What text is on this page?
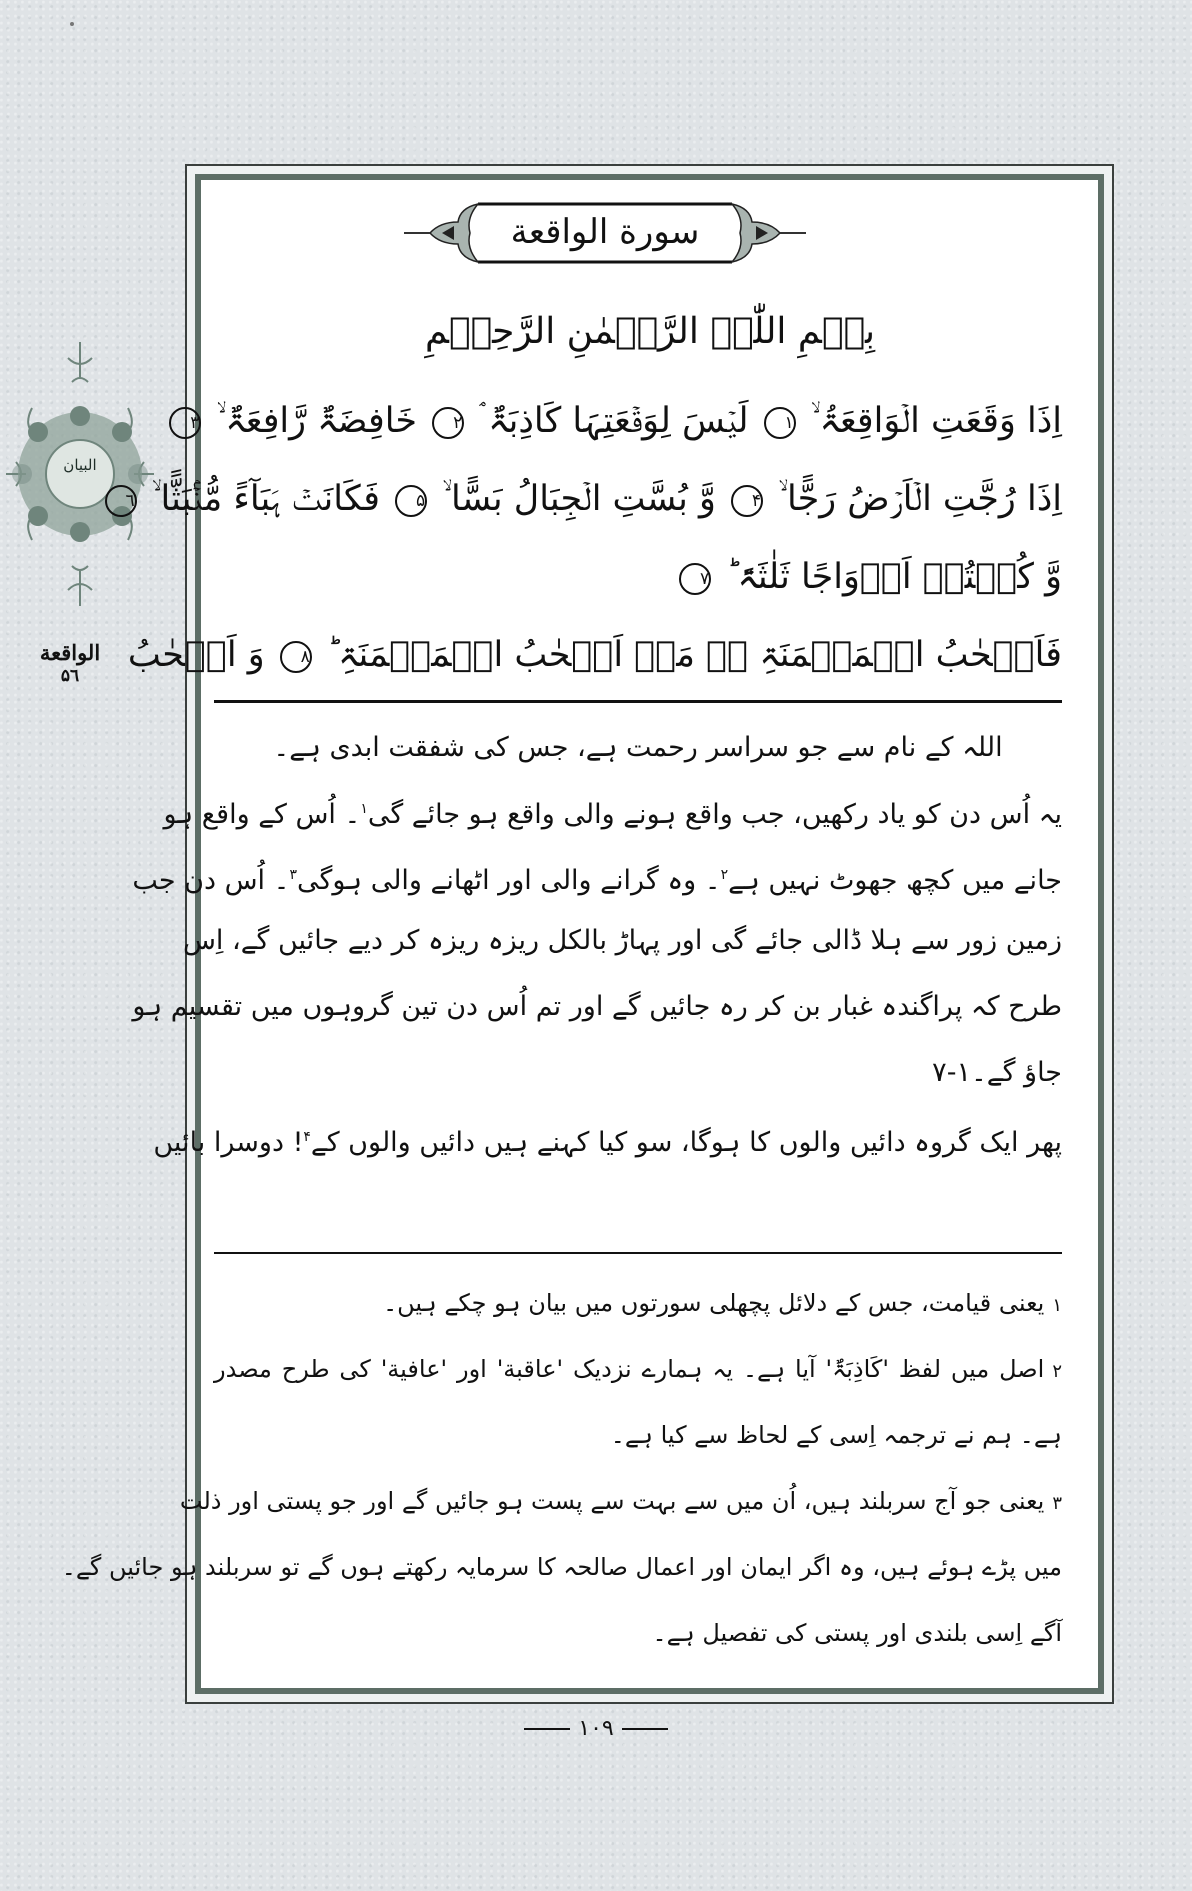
البیان
الواقعة
۵٦
سورة الواقعة
بِسۡمِ اللّٰہِ الرَّحۡمٰنِ الرَّحِیۡمِ
اِذَا وَقَعَتِ الۡوَاقِعَۃُ ۙ ۱ لَیۡسَ لِوَقۡعَتِہَا کَاذِبَۃٌ ۘ ۲ خَافِضَۃٌ رَّافِعَۃٌ ۙ ۳
اِذَا رُجَّتِ الۡاَرۡضُ رَجًّا ۙ ۴ وَّ بُسَّتِ الۡجِبَالُ بَسًّا ۙ ۵ فَکَانَتۡ ہَبَآءً مُّنۡۢبَثًّا ۙ ٦
وَّ کُنۡتُمۡ اَزۡوَاجًا ثَلٰثَۃً ؕ ۷
فَاَصۡحٰبُ الۡمَیۡمَنَۃِ ۬ۙ مَاۤ اَصۡحٰبُ الۡمَیۡمَنَۃِ ؕ ۸ وَ اَصۡحٰبُ
اللہ کے نام سے جو سراسر رحمت ہے، جس کی شفقت ابدی ہے۔
یہ اُس دن کو یاد رکھیں، جب واقع ہونے والی واقع ہو جائے گی$^۱$۔ اُس کے واقع ہو
جانے میں کچھ جھوٹ نہیں ہے$^۲$۔ وہ گرانے والی اور اٹھانے والی ہوگی$^۳$۔ اُس دن جب
زمین زور سے ہلا ڈالی جائے گی اور پہاڑ بالکل ریزہ ریزہ کر دیے جائیں گے، اِس
طرح کہ پراگندہ غبار بن کر رہ جائیں گے اور تم اُس دن تین گروہوں میں تقسیم ہو
جاؤ گے۔۱-۷
پھر ایک گروہ دائیں والوں کا ہوگا، سو کیا کہنے ہیں دائیں والوں کے$^۴$! دوسرا بائیں
۱یعنی قیامت، جس کے دلائل پچھلی سورتوں میں بیان ہو چکے ہیں۔
۲اصل میں لفظ 'کَاذِبَۃٌ' آیا ہے۔ یہ ہمارے نزدیک 'عاقبة' اور 'عافیة' کی طرح مصدر
ہے۔ ہم نے ترجمہ اِسی کے لحاظ سے کیا ہے۔
۳یعنی جو آج سربلند ہیں، اُن میں سے بہت سے پست ہو جائیں گے اور جو پستی اور ذلت
میں پڑے ہوئے ہیں، وہ اگر ایمان اور اعمال صالحہ کا سرمایہ رکھتے ہوں گے تو سربلند ہو جائیں گے۔
آگے اِسی بلندی اور پستی کی تفصیل ہے۔
۱۰۹
